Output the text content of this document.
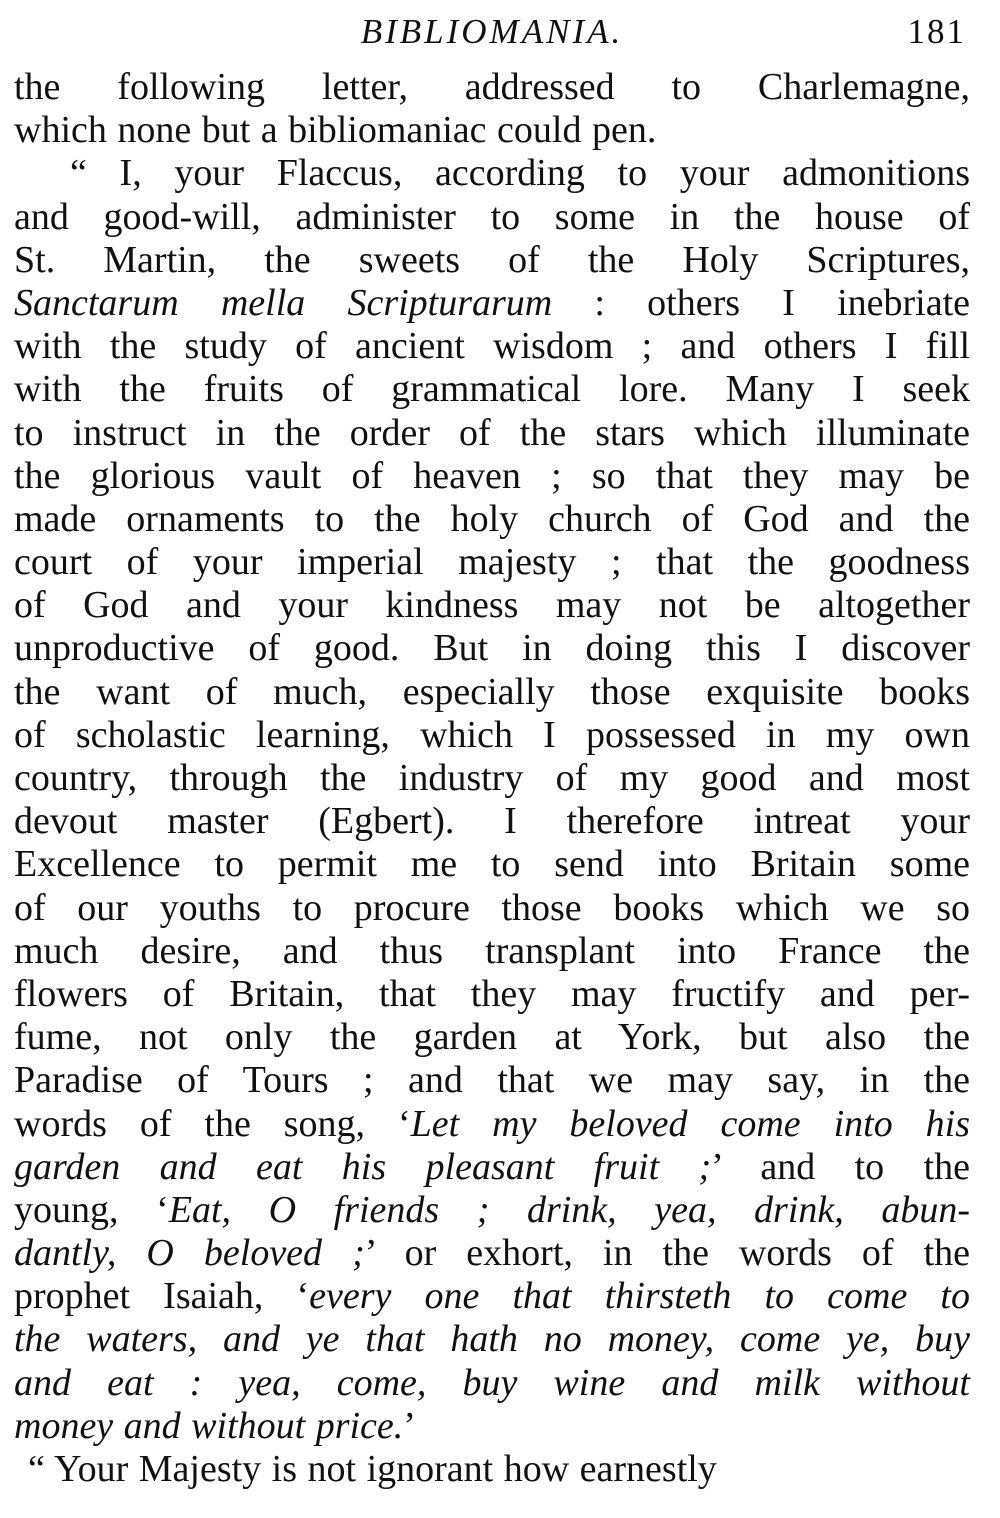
BIBLIOMANIA.	181
the following letter, addressed to Charlemagne,
which none but a bibliomaniac could pen.
“ I, your Flaccus, according to your admonitions
and good-will, administer to some in the house of
St. Martin, the sweets of the Holy Scriptures,
Sanctarum mella Scripturarum : others I inebriate
with the study of ancient wisdom ; and others I fill
with the fruits of grammatical lore. Many I seek
to instruct in the order of the stars which illuminate
the glorious vault of heaven ; so that they may be
made ornaments to the holy church of God and the
court of your imperial majesty ; that the goodness
of God and your kindness may not be altogether
unproductive of good. But in doing this I discover
the want of much, especially those exquisite books
of scholastic learning, which I possessed in my own
country, through the industry of my good and most
devout master (Egbert). I therefore intreat your
Excellence to permit me to send into Britain some
of our youths to procure those books which we so
much desire, and thus transplant into France the
flowers of Britain, that they may fructify and per-
fume, not only the garden at York, but also the
Paradise of Tours ; and that we may say, in the
words of the song, ‘Let my beloved come into his
garden and eat his pleasant fruit ;’ and to the
young, ‘Eat, O friends ; drink, yea, drink, abun-
dantly, O beloved ;’ or exhort, in the words of the
prophet Isaiah, ‘every one that thirsteth to come to
the waters, and ye that hath no money, come ye, buy
and eat : yea, come, buy wine and milk without
money and without price.’
“ Your Majesty is not ignorant how earnestly
